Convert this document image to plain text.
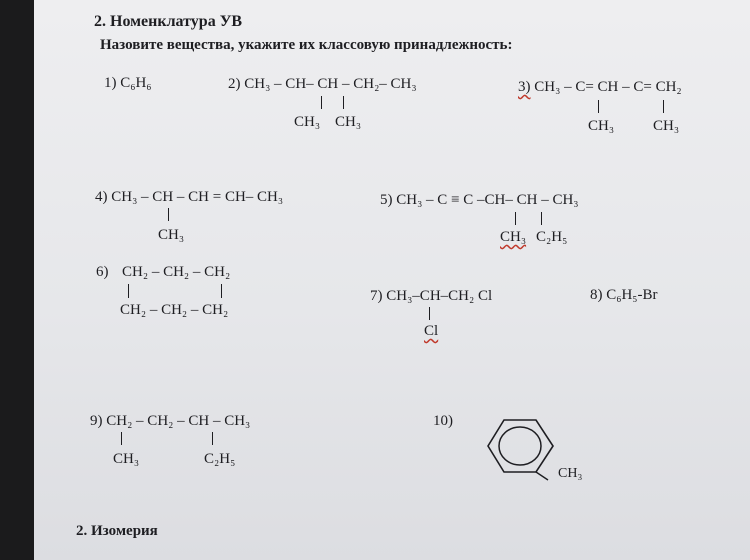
2. Номенклатура УВ
Назовите вещества, укажите их классовую принадлежность:
1) C₆H₆	2) CH₃ – CH– CH – CH₂– CH₃
CH₃ CH₃
3) CH₃ – C= CH – C= CH₂
CH₃	CH₃
4) CH₃ – CH – CH = CH– CH₃
CH₃
5) CH₃ – C ≡ C –CH– CH – CH₃
CH₃ C₂H₅
6) CH₂ – CH₂ – CH₂
CH₂ – CH₂ – CH₂
7) CH₃–CH–CH₂ Cl
Cl
8) C₆H₅-Br
9) CH₂ – CH₂ – CH – CH₃
CH₃	C₂H₅
10)
CH₃
2. Изомерия
